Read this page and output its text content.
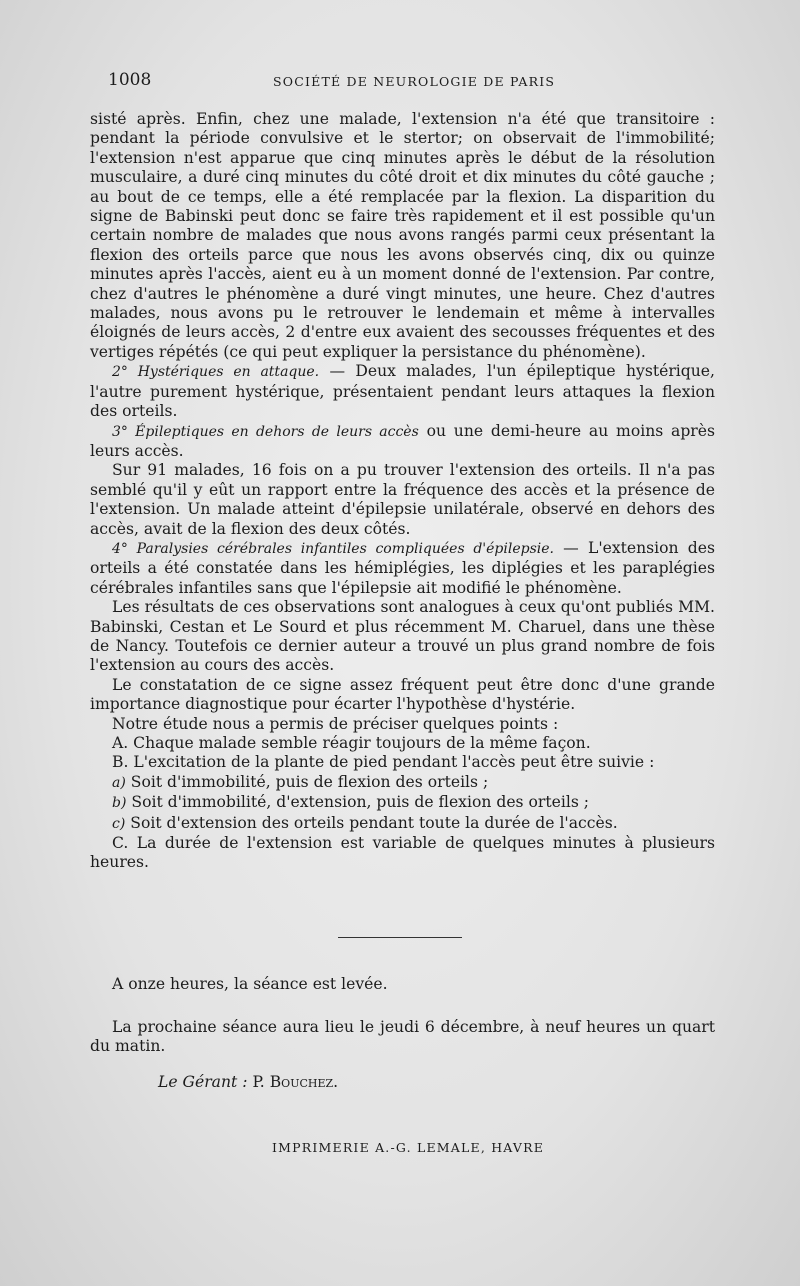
1008	SOCIÉTÉ DE NEUROLOGIE DE PARIS

sisté après. Enfin, chez une malade, l'extension n'a été que transitoire : pendant la période convulsive et le stertor; on observait de l'immobilité; l'extension n'est apparue que cinq minutes après le début de la résolution musculaire, a duré cinq minutes du côté droit et dix minutes du côté gauche ; au bout de ce temps, elle a été remplacée par la flexion. La disparition du signe de Babinski peut donc se faire très rapidement et il est possible qu'un certain nombre de malades que nous avons rangés parmi ceux présentant la flexion des orteils parce que nous les avons observés cinq, dix ou quinze minutes après l'accès, aient eu à un moment donné de l'extension. Par contre, chez d'autres le phénomène a duré vingt minutes, une heure. Chez d'autres malades, nous avons pu le retrouver le lendemain et même à intervalles éloignés de leurs accès, 2 d'entre eux avaient des secousses fréquentes et des vertiges répétés (ce qui peut expliquer la persistance du phénomène).

2° Hystériques en attaque. — Deux malades, l'un épileptique hystérique, l'autre purement hystérique, présentaient pendant leurs attaques la flexion des orteils.

3° Épileptiques en dehors de leurs accès ou une demi-heure au moins après leurs accès.

Sur 91 malades, 16 fois on a pu trouver l'extension des orteils. Il n'a pas semblé qu'il y eût un rapport entre la fréquence des accès et la présence de l'extension. Un malade atteint d'épilepsie unilatérale, observé en dehors des accès, avait de la flexion des deux côtés.

4° Paralysies cérébrales infantiles compliquées d'épilepsie. — L'extension des orteils a été constatée dans les hémiplégies, les diplégies et les paraplégies cérébrales infantiles sans que l'épilepsie ait modifié le phénomène.

Les résultats de ces observations sont analogues à ceux qu'ont publiés MM. Babinski, Cestan et Le Sourd et plus récemment M. Charuel, dans une thèse de Nancy. Toutefois ce dernier auteur a trouvé un plus grand nombre de fois l'extension au cours des accès.

Le constatation de ce signe assez fréquent peut être donc d'une grande importance diagnostique pour écarter l'hypothèse d'hystérie.

Notre étude nous a permis de préciser quelques points :

A. Chaque malade semble réagir toujours de la même façon.

B. L'excitation de la plante de pied pendant l'accès peut être suivie :

a) Soit d'immobilité, puis de flexion des orteils ;

b) Soit d'immobilité, d'extension, puis de flexion des orteils ;

c) Soit d'extension des orteils pendant toute la durée de l'accès.

C. La durée de l'extension est variable de quelques minutes à plusieurs heures.

A onze heures, la séance est levée.

La prochaine séance aura lieu le jeudi 6 décembre, à neuf heures un quart du matin.

Le Gérant : P. Bouchez.
IMPRIMERIE A.-G. LEMALE, HAVRE
